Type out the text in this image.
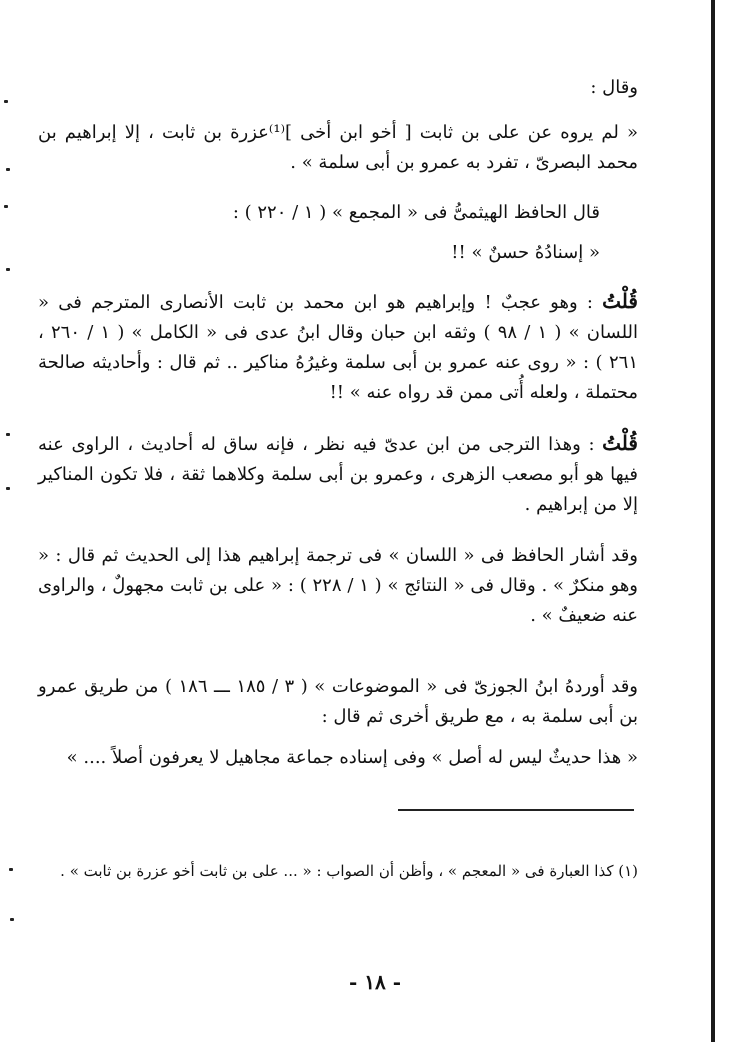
وقال :

« لم يروه عن على بن ثابت [ أخو ابن أخى ]⁽¹⁾عزرة بن ثابت ، إلا إبراهيم بن محمد البصرىّ ، تفرد به عمرو بن أبى سلمة » .

قال الحافظ الهيثمىُّ فى « المجمع » ( ١ / ٢٢٠ ) :

« إسنادُهُ حسنٌ » !!

قُلْتُ : وهو عجبٌ ! وإبراهيم هو ابن محمد بن ثابت الأنصارى المترجم فى « اللسان » ( ١ / ٩٨ ) وثقه ابن حبان وقال ابنُ عدى فى « الكامل » ( ١ / ٢٦٠ ، ٢٦١ ) : « روى عنه عمرو بن أبى سلمة وغيرُهُ مناكير .. ثم قال : وأحاديثه صالحة محتملة ، ولعله أُتى ممن قد رواه عنه » !!

قُلْتُ : وهذا الترجى من ابن عدىّ فيه نظر ، فإنه ساق له أحاديث ، الراوى عنه فيها هو أبو مصعب الزهرى ، وعمرو بن أبى سلمة وكلاهما ثقة ، فلا تكون المناكير إلا من إبراهيم .

وقد أشار الحافظ فى « اللسان » فى ترجمة إبراهيم هذا إلى الحديث ثم قال : « وهو منكرٌ » . وقال فى « النتائج » ( ١ / ٢٢٨ ) : « على بن ثابت مجهولٌ ، والراوى عنه ضعيفٌ » .

وقد أوردهُ ابنُ الجوزىّ فى « الموضوعات » ( ٣ / ١٨٥ ـــ ١٨٦ ) من طريق عمرو بن أبى سلمة به ، مع طريق أخرى ثم قال :

« هذا حديثٌ ليس له أصل » وفى إسناده جماعة مجاهيل لا يعرفون أصلاً .... »

(١) كذا العبارة فى « المعجم » ، وأظن أن الصواب : « ... على بن ثابت أخو عزرة بن ثابت » .

- ١٨ -
